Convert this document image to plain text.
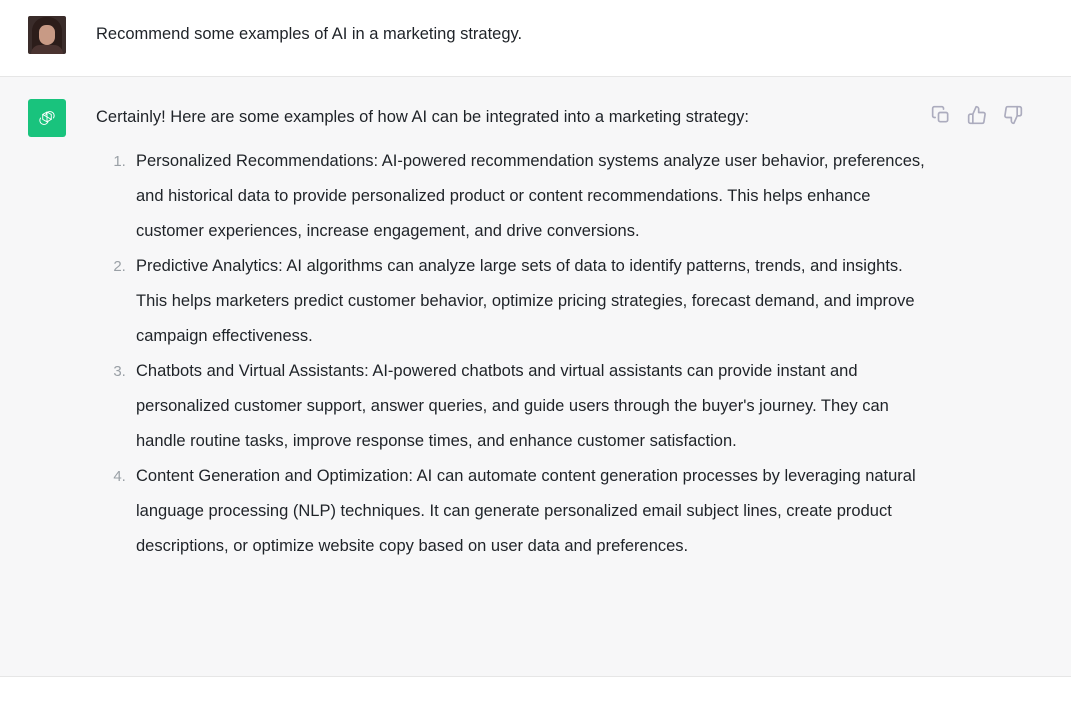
Recommend some examples of AI in a marketing strategy.

Certainly! Here are some examples of how AI can be integrated into a marketing strategy:

1. Personalized Recommendations: AI-powered recommendation systems analyze user behavior, preferences, and historical data to provide personalized product or content recommendations. This helps enhance customer experiences, increase engagement, and drive conversions.
2. Predictive Analytics: AI algorithms can analyze large sets of data to identify patterns, trends, and insights. This helps marketers predict customer behavior, optimize pricing strategies, forecast demand, and improve campaign effectiveness.
3. Chatbots and Virtual Assistants: AI-powered chatbots and virtual assistants can provide instant and personalized customer support, answer queries, and guide users through the buyer's journey. They can handle routine tasks, improve response times, and enhance customer satisfaction.
4. Content Generation and Optimization: AI can automate content generation processes by leveraging natural language processing (NLP) techniques. It can generate personalized email subject lines, create product descriptions, or optimize website copy based on user data and preferences.
